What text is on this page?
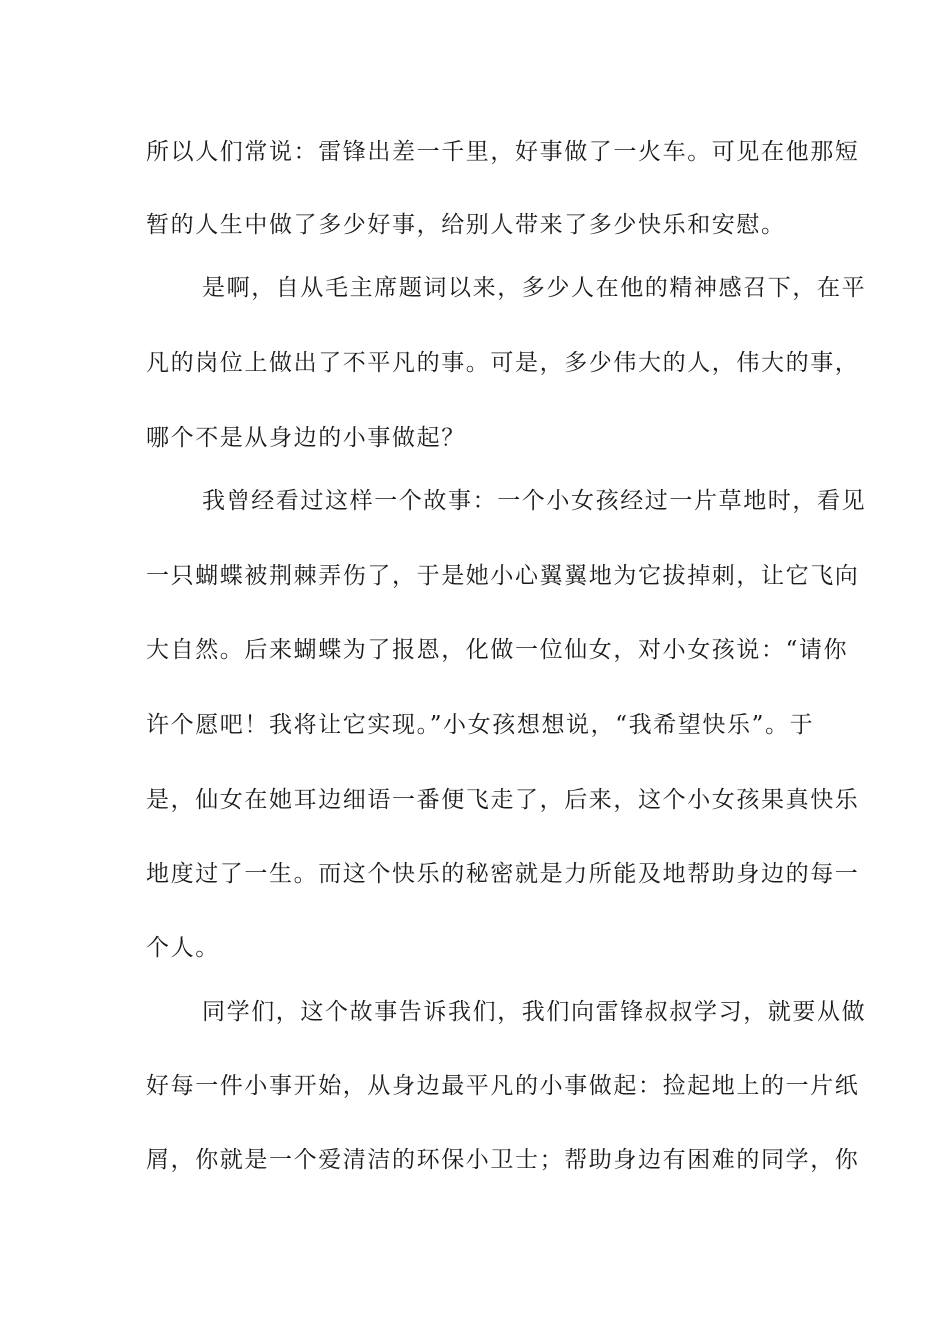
所以人们常说：雷锋出差一千里，好事做了一火车。可见在他那短
暂的人生中做了多少好事，给别人带来了多少快乐和安慰。
是啊，自从毛主席题词以来，多少人在他的精神感召下，在平
凡的岗位上做出了不平凡的事。可是，多少伟大的人，伟大的事，
哪个不是从身边的小事做起？
我曾经看过这样一个故事：一个小女孩经过一片草地时，看见
一只蝴蝶被荆棘弄伤了，于是她小心翼翼地为它拔掉刺，让它飞向
大自然。后来蝴蝶为了报恩，化做一位仙女，对小女孩说：“请你
许个愿吧！我将让它实现。”小女孩想想说，“我希望快乐”。于
是，仙女在她耳边细语一番便飞走了，后来，这个小女孩果真快乐
地度过了一生。而这个快乐的秘密就是力所能及地帮助身边的每一
个人。
同学们，这个故事告诉我们，我们向雷锋叔叔学习，就要从做
好每一件小事开始，从身边最平凡的小事做起：捡起地上的一片纸
屑，你就是一个爱清洁的环保小卫士；帮助身边有困难的同学，你
